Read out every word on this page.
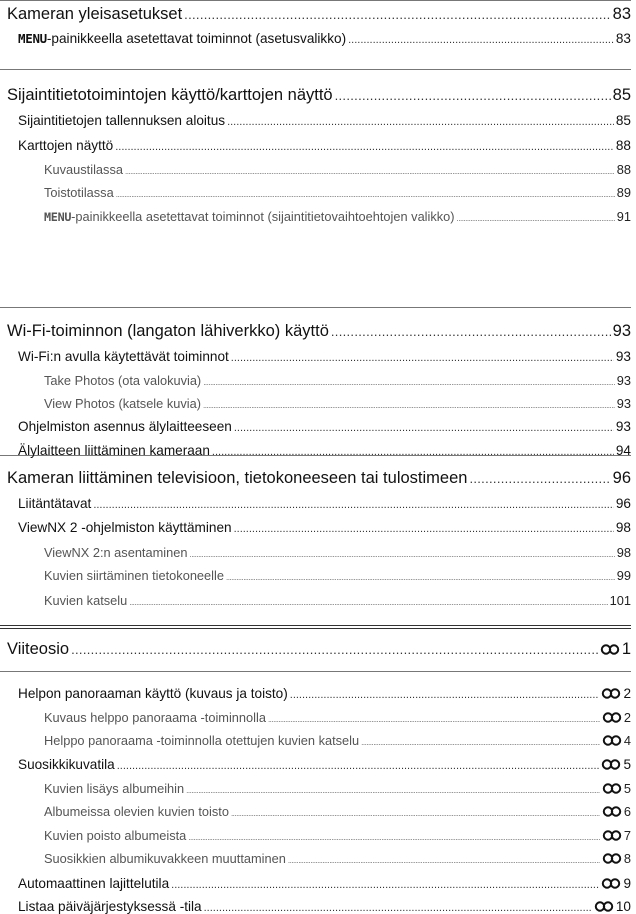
Kameran yleisasetukset .....	83
MENU-painikkeella asetettavat toiminnot (asetusvalikko) .....	83
Sijaintitietotoimintojen käyttö/karttojen näyttö .....	85
Sijaintitietojen tallennuksen aloitus .....	85
Karttojen näyttö .....	88
Kuvaustilassa .....	88
Toistotilassa .....	89
MENU-painikkeella asetettavat toiminnot (sijaintitietovaihtoehtojen valikko) .....	91
Wi-Fi-toiminnon (langaton lähiverkko) käyttö .....	93
Wi-Fi:n avulla käytettävät toiminnot .....	93
Take Photos (ota valokuvia) .....	93
View Photos (katsele kuvia) .....	93
Ohjelmiston asennus älylaitteeseen .....	93
Älylaitteen liittäminen kameraan .....	94
Kameran liittäminen televisioon, tietokoneeseen tai tulostimeen .....	96
Liitäntätavat .....	96
ViewNX 2 -ohjelmiston käyttäminen .....	98
ViewNX 2:n asentaminen .....	98
Kuvien siirtäminen tietokoneelle .....	99
Kuvien katselu .....	101
Viiteosio .....	1
Helpon panoraaman käyttö (kuvaus ja toisto) .....	2
Kuvaus helppo panoraama -toiminnolla .....	2
Helppo panoraama -toiminnolla otettujen kuvien katselu .....	4
Suosikkikuvatila .....	5
Kuvien lisäys albumeihin .....	5
Albumeissa olevien kuvien toisto .....	6
Kuvien poisto albumeista .....	7
Suosikkien albumikuvakkeen muuttaminen .....	8
Automaattinen lajittelutila .....	9
Listaa päiväjärjestyksessä -tila .....	10
